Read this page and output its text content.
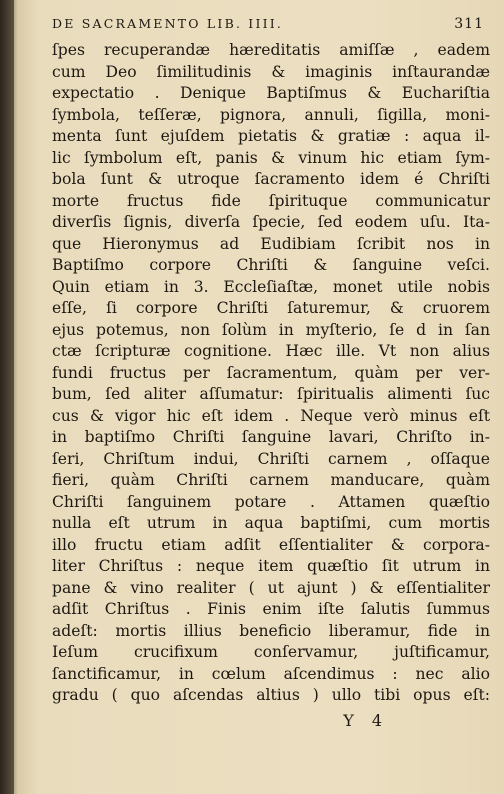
DE SACRAMENTO LIB. IIII.	311
ſpes recuperandæ hæreditatis amiſſæ , eadem
cum Deo ſimilitudinis & imaginis inſtaurandæ
expectatio . Denique Baptiſmus & Euchariſtia
ſymbola, teſſeræ, pignora, annuli, ſigilla, moni-
menta ſunt ejuſdem pietatis & gratiæ : aqua il-
lic ſymbolum eſt, panis & vinum hic etiam ſym-
bola ſunt & utroque ſacramento idem é Chriſti
morte fructus fide ſpirituque communicatur
diverſis ſignis, diverſa ſpecie, ſed eodem uſu. Ita-
que Hieronymus ad Eudibiam ſcribit nos in
Baptiſmo corpore Chriſti & ſanguine veſci.
Quin etiam in 3. Eccleſiaſtæ, monet utile nobis
eſſe, ſi corpore Chriſti ſaturemur, & cruorem
ejus potemus, non ſolùm in myſterio, ſe d in ſan
ctæ ſcripturæ cognitione. Hæc ille. Vt non alius
fundi fructus per ſacramentum, quàm per ver-
bum, ſed aliter aſſumatur: ſpiritualis alimenti ſuc
cus & vigor hic eſt idem . Neque verò minus eſt
in baptiſmo Chriſti ſanguine lavari, Chriſto in-
ſeri, Chriſtum indui, Chriſti carnem , oſſaque
fieri, quàm Chriſti carnem manducare, quàm
Chriſti ſanguinem potare . Attamen quæſtio
nulla eſt utrum in aqua baptiſmi, cum mortis
illo fructu etiam adſit eſſentialiter & corpora-
liter Chriſtus : neque item quæſtio ſit utrum in
pane & vino realiter ( ut ajunt ) & eſſentialiter
adſit Chriſtus . Finis enim iſte ſalutis ſummus
adeſt: mortis illius beneficio liberamur, fide in
Ieſum crucifixum conſervamur, juſtificamur,
ſanctificamur, in cœlum aſcendimus : nec alio
gradu ( quo aſcendas altius ) ullo tibi opus eſt:
Y 4
